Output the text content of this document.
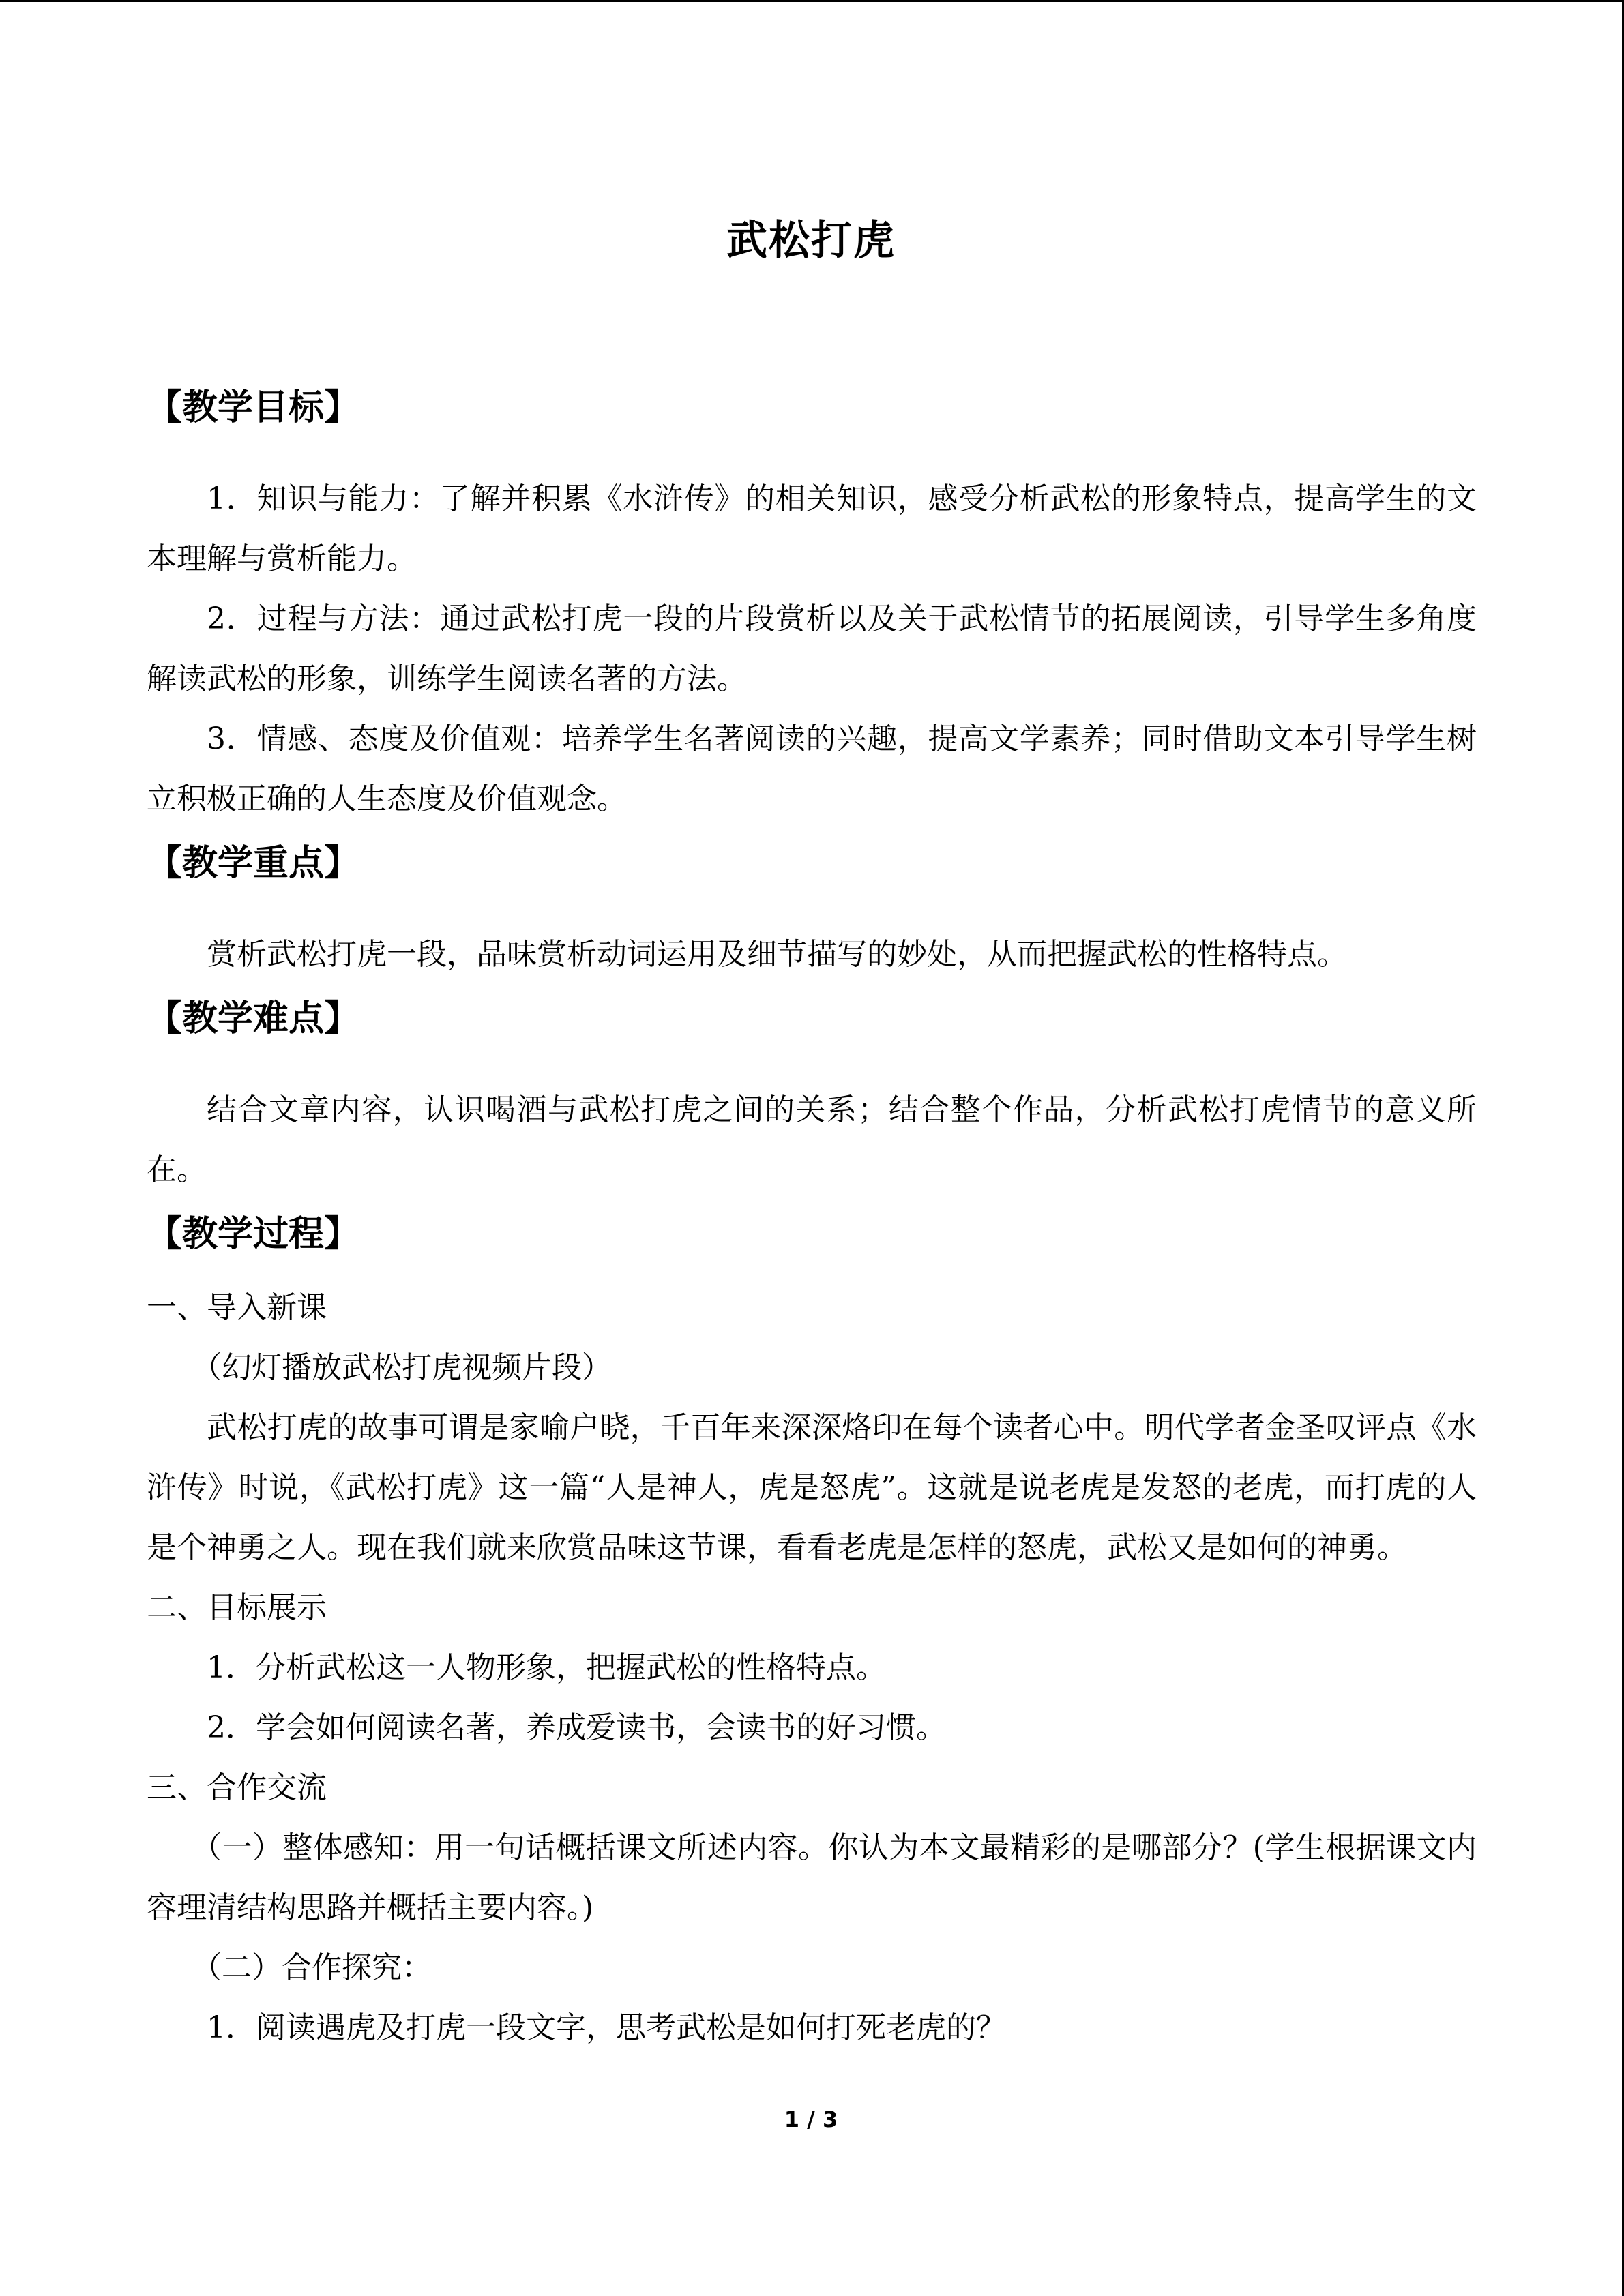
武松打虎
【教学目标】

1．知识与能力：了解并积累《水浒传》的相关知识，感受分析武松的形象特点，提高学生的文本理解与赏析能力。

2．过程与方法：通过武松打虎一段的片段赏析以及关于武松情节的拓展阅读，引导学生多角度解读武松的形象，训练学生阅读名著的方法。

3．情感、态度及价值观：培养学生名著阅读的兴趣，提高文学素养；同时借助文本引导学生树立积极正确的人生态度及价值观念。

【教学重点】

赏析武松打虎一段，品味赏析动词运用及细节描写的妙处，从而把握武松的性格特点。

【教学难点】

结合文章内容，认识喝酒与武松打虎之间的关系；结合整个作品，分析武松打虎情节的意义所在。

【教学过程】

一、导入新课

（幻灯播放武松打虎视频片段）

武松打虎的故事可谓是家喻户晓，千百年来深深烙印在每个读者心中。明代学者金圣叹评点《水浒传》时说，《武松打虎》这一篇“人是神人，虎是怒虎”。这就是说老虎是发怒的老虎，而打虎的人是个神勇之人。现在我们就来欣赏品味这节课，看看老虎是怎样的怒虎，武松又是如何的神勇。

二、目标展示

1．分析武松这一人物形象，把握武松的性格特点。

2．学会如何阅读名著，养成爱读书，会读书的好习惯。

三、合作交流

（一）整体感知：用一句话概括课文所述内容。你认为本文最精彩的是哪部分？(学生根据课文内容理清结构思路并概括主要内容。)

（二）合作探究：

1．阅读遇虎及打虎一段文字，思考武松是如何打死老虎的？

1 / 3
